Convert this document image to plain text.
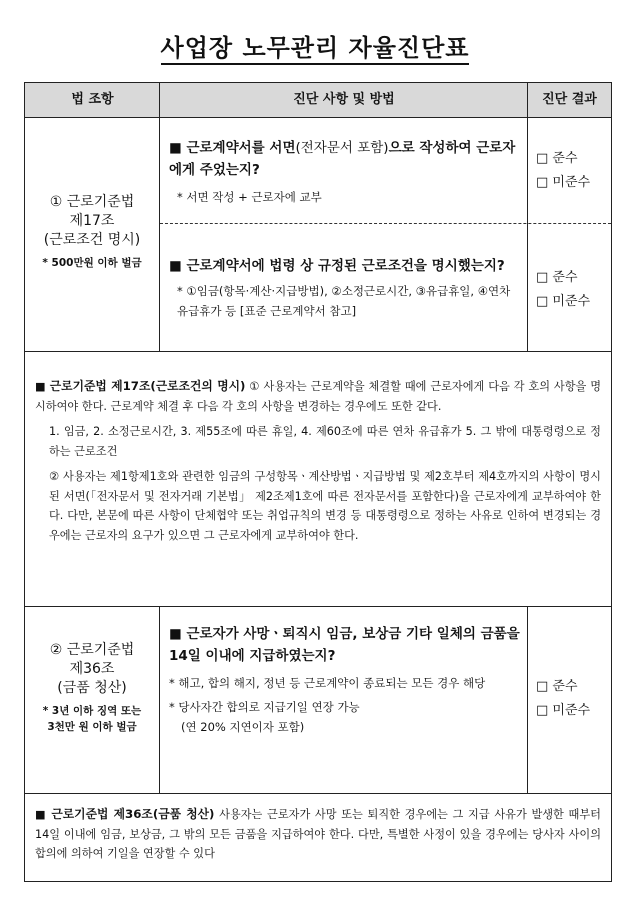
사업장 노무관리 자율진단표
법 조항	진단 사항 및 방법	진단 결과
① 근로기준법
제17조
(근로조건 명시)
* 500만원 이하 벌금
■ 근로계약서를 서면(전자문서 포함)으로 작성하여 근로자에게 주었는지?
* 서면 작성 + 근로자에 교부
□ 준수
□ 미준수
■ 근로계약서에 법령 상 규정된 근로조건을 명시했는지?
* ①임금(항목·계산·지급방법), ②소정근로시간, ③유급휴일, ④연차유급휴가 등 [표준 근로계약서 참고]
□ 준수
□ 미준수
■ 근로기준법 제17조(근로조건의 명시) ① 사용자는 근로계약을 체결할 때에 근로자에게 다음 각 호의 사항을 명시하여야 한다. 근로계약 체결 후 다음 각 호의 사항을 변경하는 경우에도 또한 같다.
1. 임금, 2. 소정근로시간, 3. 제55조에 따른 휴일, 4. 제60조에 따른 연차 유급휴가 5. 그 밖에 대통령령으로 정하는 근로조건
② 사용자는 제1항제1호와 관련한 임금의 구성항목ㆍ계산방법ㆍ지급방법 및 제2호부터 제4호까지의 사항이 명시된 서면(「전자문서 및 전자거래 기본법」 제2조제1호에 따른 전자문서를 포함한다)을 근로자에게 교부하여야 한다. 다만, 본문에 따른 사항이 단체협약 또는 취업규칙의 변경 등 대통령령으로 정하는 사유로 인하여 변경되는 경우에는 근로자의 요구가 있으면 그 근로자에게 교부하여야 한다.
② 근로기준법
제36조
(금품 청산)
* 3년 이하 징역 또는
3천만 원 이하 벌금
■ 근로자가 사망ㆍ퇴직시 임금, 보상금 기타 일체의 금품을 14일 이내에 지급하였는지?
* 해고, 합의 해지, 정년 등 근로계약이 종료되는 모든 경우 해당
* 당사자간 합의로 지급기일 연장 가능
(연 20% 지연이자 포함)
□ 준수
□ 미준수
■ 근로기준법 제36조(금품 청산) 사용자는 근로자가 사망 또는 퇴직한 경우에는 그 지급 사유가 발생한 때부터 14일 이내에 임금, 보상금, 그 밖의 모든 금품을 지급하여야 한다. 다만, 특별한 사정이 있을 경우에는 당사자 사이의 합의에 의하여 기일을 연장할 수 있다
